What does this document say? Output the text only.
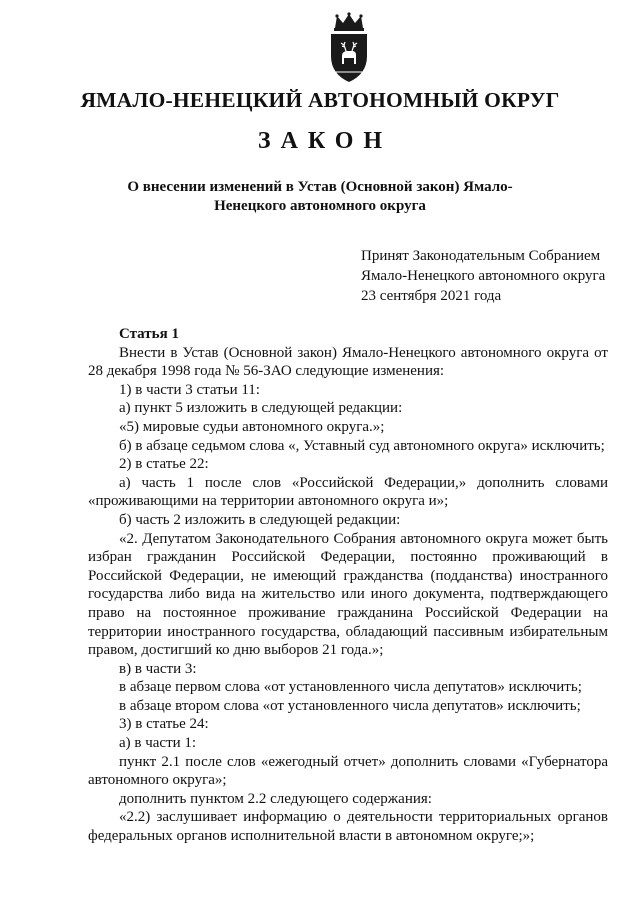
ЯМАЛО-НЕНЕЦКИЙ АВТОНОМНЫЙ ОКРУГ
ЗАКОН
О внесении изменений в Устав (Основной закон) Ямало-Ненецкого автономного округа
Принят Законодательным Собранием
Ямало-Ненецкого автономного округа
23 сентября 2021 года

Статья 1

Внести в Устав (Основной закон) Ямало-Ненецкого автономного округа от 28 декабря 1998 года № 56-ЗАО следующие изменения:

1) в части 3 статьи 11:

а) пункт 5 изложить в следующей редакции:

«5) мировые судьи автономного округа.»;

б) в абзаце седьмом слова «, Уставный суд автономного округа» исключить;

2) в статье 22:

а) часть 1 после слов «Российской Федерации,» дополнить словами «проживающими на территории автономного округа и»;

б) часть 2 изложить в следующей редакции:

«2. Депутатом Законодательного Собрания автономного округа может быть избран гражданин Российской Федерации, постоянно проживающий в Российской Федерации, не имеющий гражданства (подданства) иностранного государства либо вида на жительство или иного документа, подтверждающего право на постоянное проживание гражданина Российской Федерации на территории иностранного государства, обладающий пассивным избирательным правом, достигший ко дню выборов 21 года.»;

в) в части 3:

в абзаце первом слова «от установленного числа депутатов» исключить;

в абзаце втором слова «от установленного числа депутатов» исключить;

3) в статье 24:

а) в части 1:

пункт 2.1 после слов «ежегодный отчет» дополнить словами «Губернатора автономного округа»;

дополнить пунктом 2.2 следующего содержания:

«2.2) заслушивает информацию о деятельности территориальных органов федеральных органов исполнительной власти в автономном округе;»;
